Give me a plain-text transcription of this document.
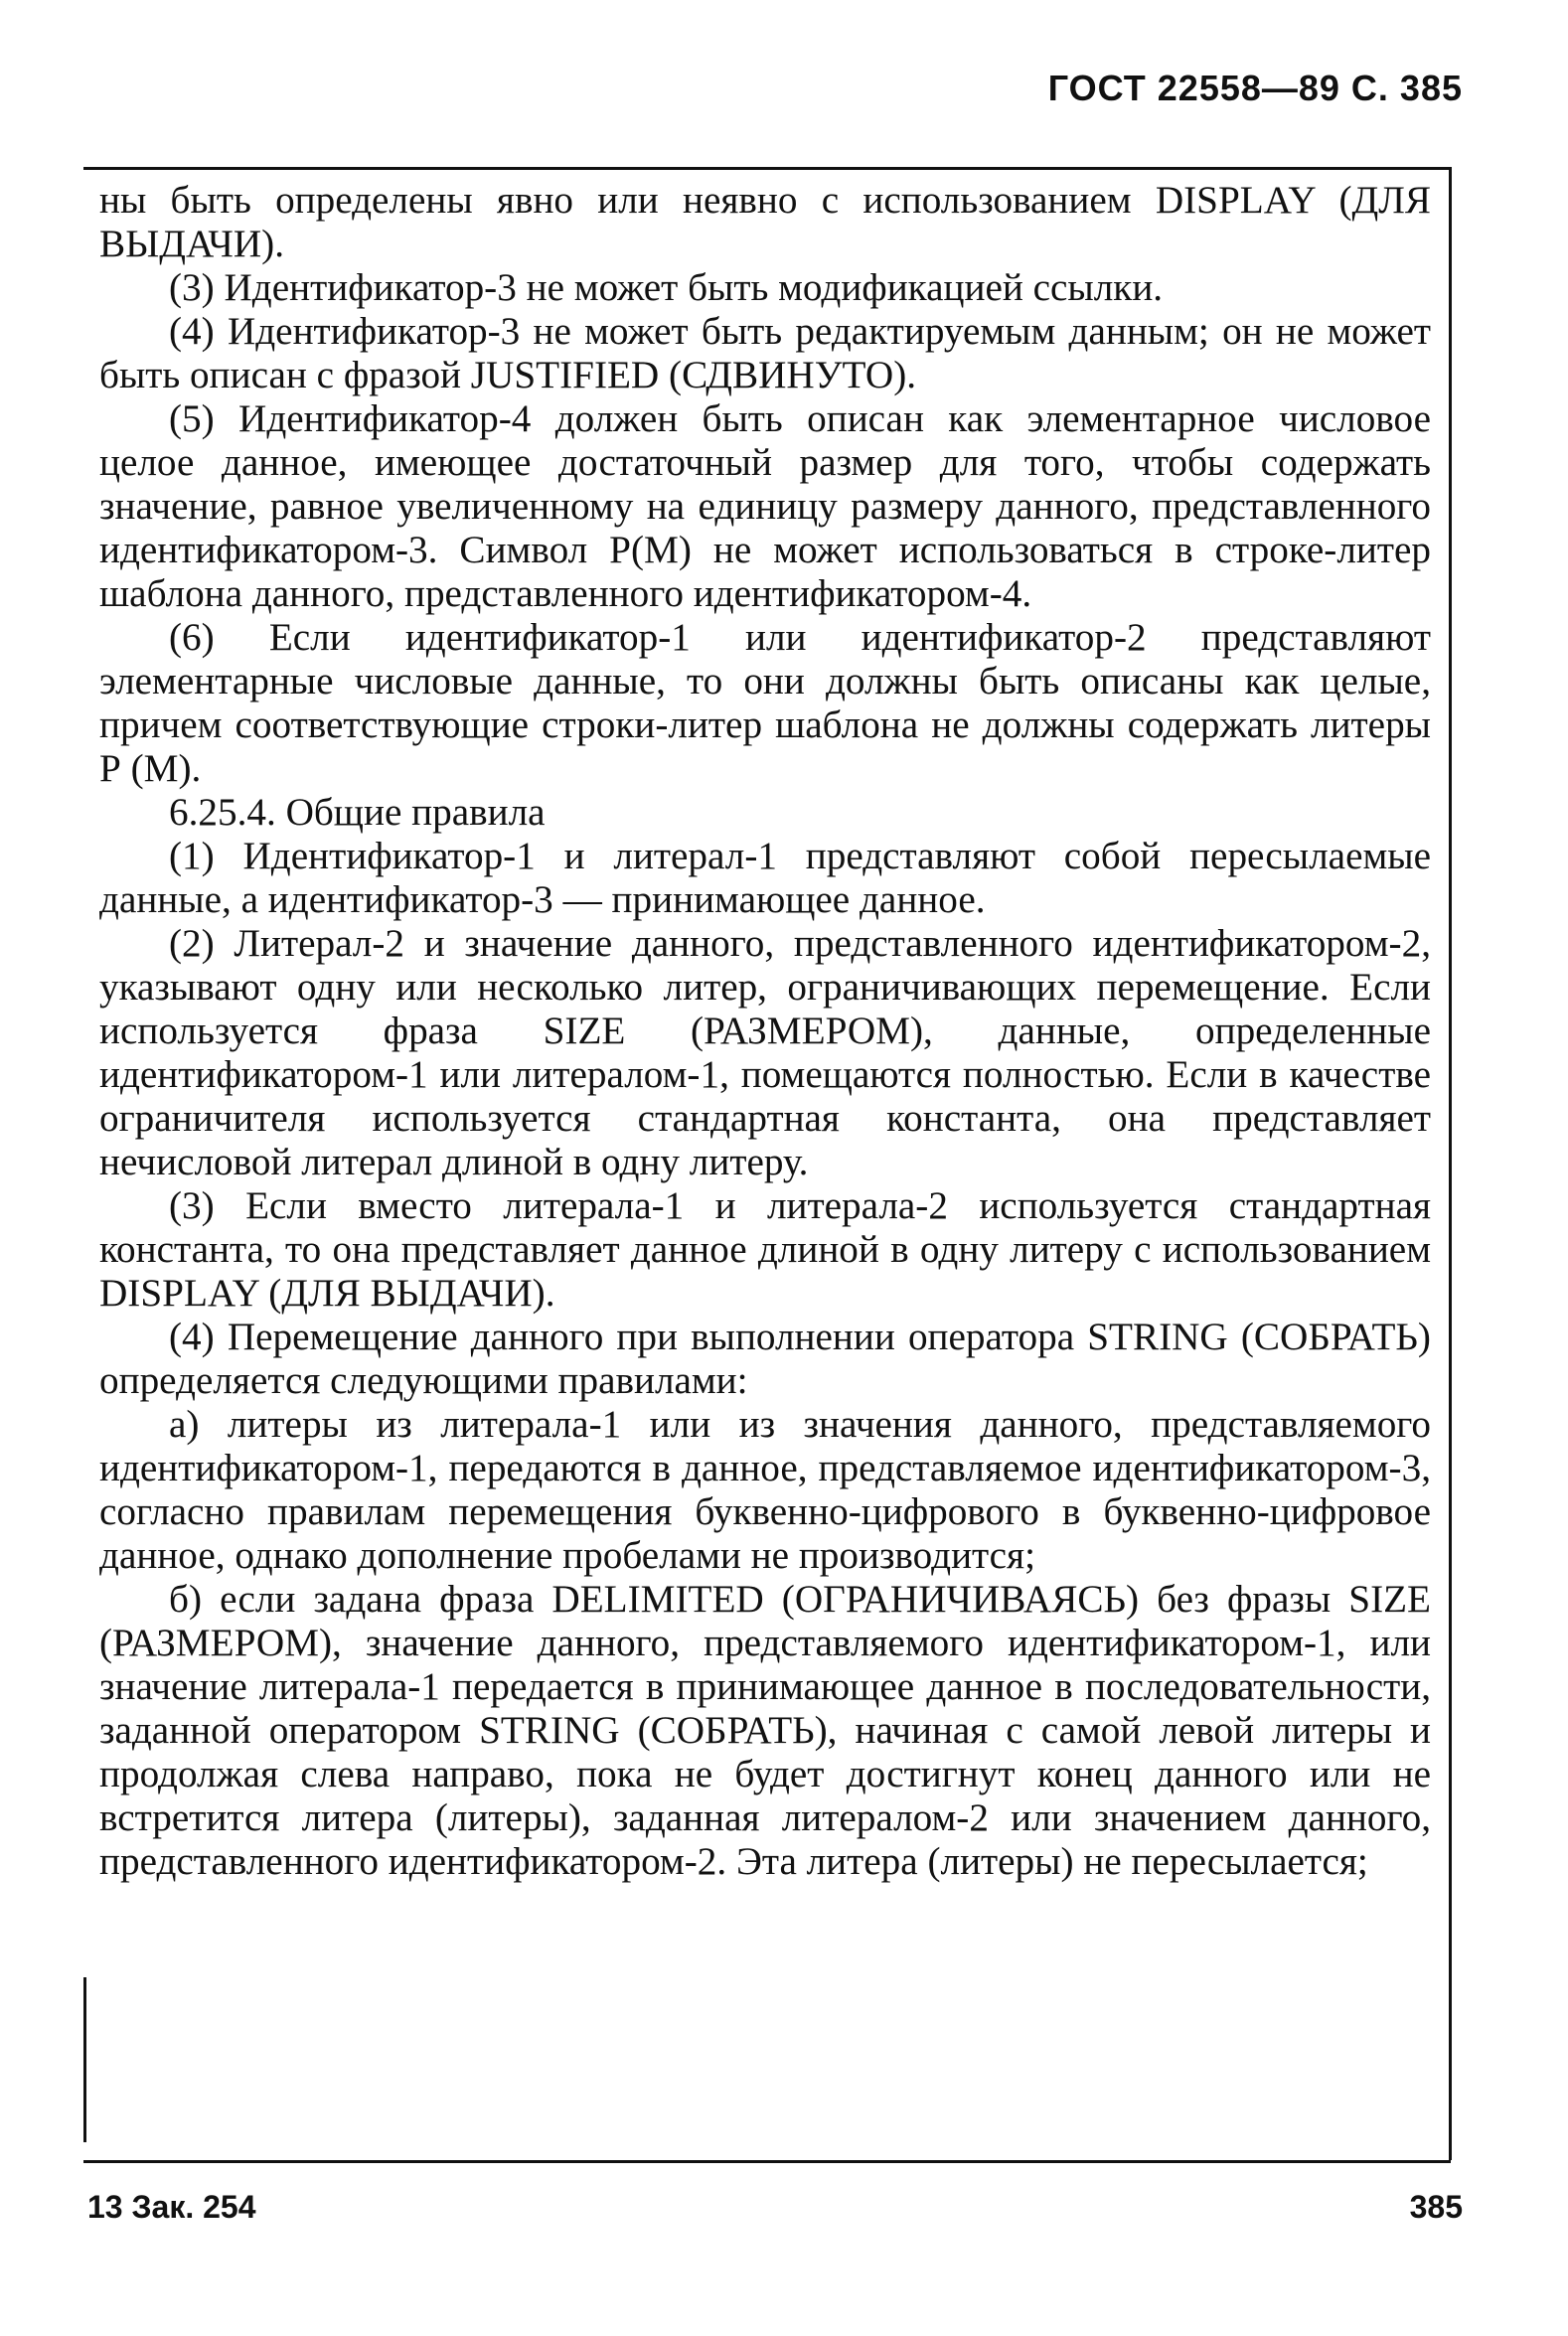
ГОСТ 22558—89 С. 385

ны быть определены явно или неявно с использованием DISPLAY (ДЛЯ ВЫДАЧИ).

(3) Идентификатор-3 не может быть модификацией ссылки.

(4) Идентификатор-3 не может быть редактируемым данным; он не может быть описан с фразой JUSTIFIED (СДВИНУТО).

(5) Идентификатор-4 должен быть описан как элементарное числовое целое данное, имеющее достаточный размер для того, чтобы содержать значение, равное увеличенному на единицу размеру данного, представленного идентификатором-3. Символ Р(М) не может использоваться в строке-литер шаблона данного, представленного идентификатором-4.

(6) Если идентификатор-1 или идентификатор-2 представляют элементарные числовые данные, то они должны быть описаны как целые, причем соответствующие строки-литер шаблона не должны содержать литеры Р (М).

6.25.4. Общие правила

(1) Идентификатор-1 и литерал-1 представляют собой пересылаемые данные, а идентификатор-3 — принимающее данное.

(2) Литерал-2 и значение данного, представленного идентификатором-2, указывают одну или несколько литер, ограничивающих перемещение. Если используется фраза SIZE (РАЗМЕРОМ), данные, определенные идентификатором-1 или литералом-1, помещаются полностью. Если в качестве ограничителя используется стандартная константа, она представляет нечисловой литерал длиной в одну литеру.

(3) Если вместо литерала-1 и литерала-2 используется стандартная константа, то она представляет данное длиной в одну литеру с использованием DISPLAY (ДЛЯ ВЫДАЧИ).

(4) Перемещение данного при выполнении оператора STRING (СОБРАТЬ) определяется следующими правилами:

а) литеры из литерала-1 или из значения данного, представляемого идентификатором-1, передаются в данное, представляемое идентификатором-3, согласно правилам перемещения буквенно-цифрового в буквенно-цифровое данное, однако дополнение пробелами не производится;

б) если задана фраза DELIMITED (ОГРАНИЧИВАЯСЬ) без фразы SIZE (РАЗМЕРОМ), значение данного, представляемого идентификатором-1, или значение литерала-1 передается в принимающее данное в последовательности, заданной оператором STRING (СОБРАТЬ), начиная с самой левой литеры и продолжая слева направо, пока не будет достигнут конец данного или не встретится литера (литеры), заданная литералом-2 или значением данного, представленного идентификатором-2. Эта литера (литеры) не пересылается;

13 Зак. 254	385
